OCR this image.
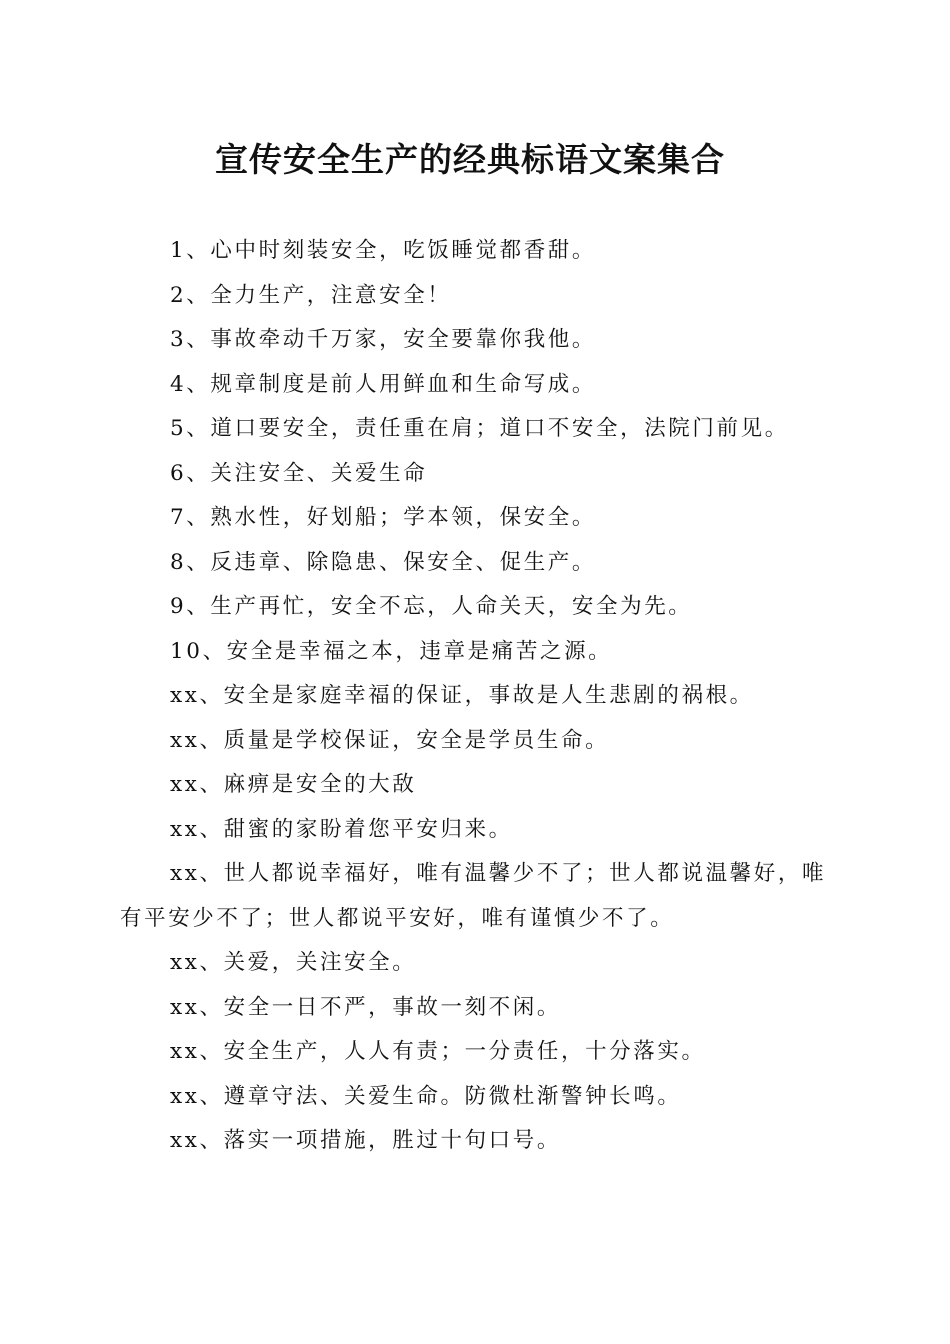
宣传安全生产的经典标语文案集合

1、心中时刻装安全，吃饭睡觉都香甜。

2、全力生产，注意安全！

3、事故牵动千万家，安全要靠你我他。

4、规章制度是前人用鲜血和生命写成。

5、道口要安全，责任重在肩；道口不安全，法院门前见。

6、关注安全、关爱生命

7、熟水性，好划船；学本领，保安全。

8、反违章、除隐患、保安全、促生产。

9、生产再忙，安全不忘，人命关天，安全为先。

10、安全是幸福之本，违章是痛苦之源。

xx、安全是家庭幸福的保证，事故是人生悲剧的祸根。

xx、质量是学校保证，安全是学员生命。

xx、麻痹是安全的大敌

xx、甜蜜的家盼着您平安归来。

xx、世人都说幸福好，唯有温馨少不了；世人都说温馨好，唯有平安少不了；世人都说平安好，唯有谨慎少不了。

xx、关爱，关注安全。

xx、安全一日不严，事故一刻不闲。

xx、安全生产，人人有责；一分责任，十分落实。

xx、遵章守法、关爱生命。防微杜渐警钟长鸣。

xx、落实一项措施，胜过十句口号。
